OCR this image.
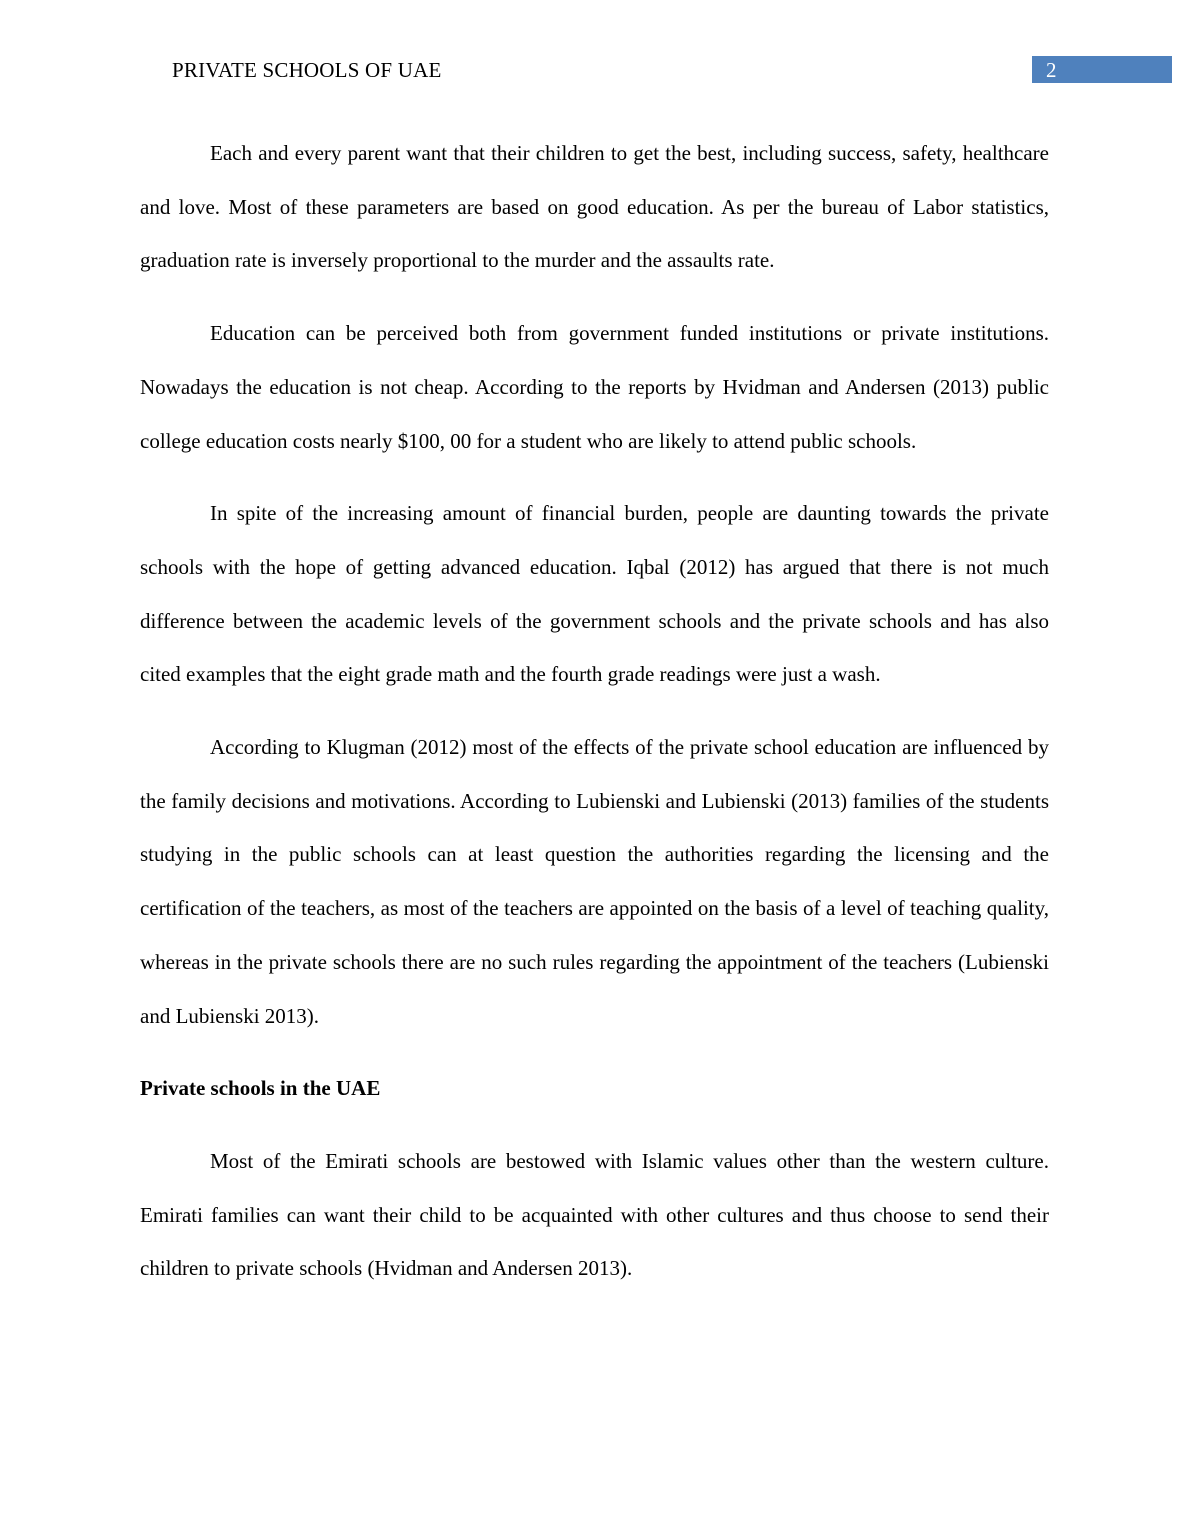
PRIVATE SCHOOLS OF UAE	2

Each and every parent want that their children to get the best, including success, safety, healthcare and love. Most of these parameters are based on good education. As per the bureau of Labor statistics, graduation rate is inversely proportional to the murder and the assaults rate.

Education can be perceived both from government funded institutions or private institutions. Nowadays the education is not cheap. According to the reports by Hvidman and Andersen (2013) public college education costs nearly $100, 00 for a student who are likely to attend public schools.

In spite of the increasing amount of financial burden, people are daunting towards the private schools with the hope of getting advanced education. Iqbal (2012) has argued that there is not much difference between the academic levels of the government schools and the private schools and has also cited examples that the eight grade math and the fourth grade readings were just a wash.

According to Klugman (2012) most of the effects of the private school education are influenced by the family decisions and motivations. According to Lubienski and Lubienski (2013) families of the students studying in the public schools can at least question the authorities regarding the licensing and the certification of the teachers, as most of the teachers are appointed on the basis of a level of teaching quality, whereas in the private schools there are no such rules regarding the appointment of the teachers (Lubienski and Lubienski 2013).

Private schools in the UAE

Most of the Emirati schools are bestowed with Islamic values other than the western culture. Emirati families can want their child to be acquainted with other cultures and thus choose to send their children to private schools (Hvidman and Andersen 2013).
